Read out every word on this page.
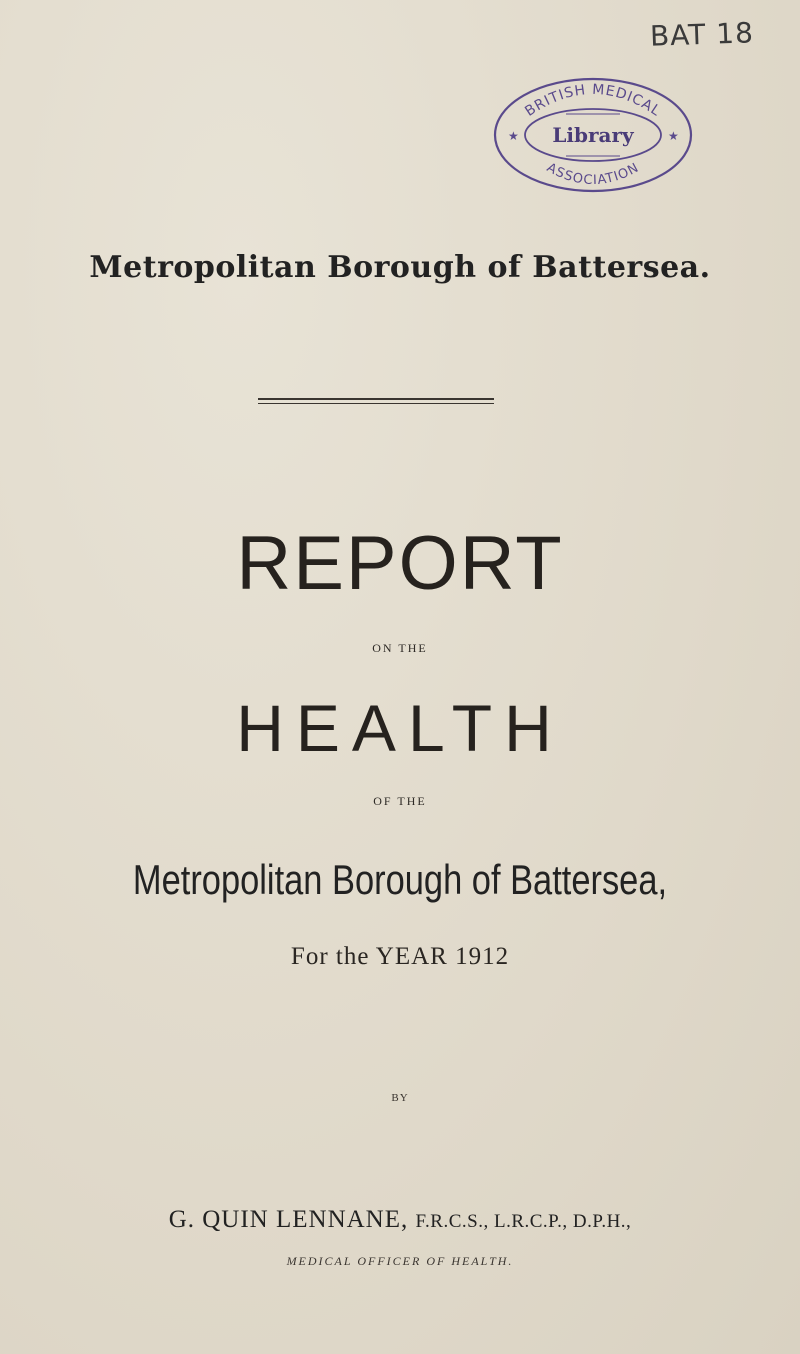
BAT 18
BRITISH MEDICAL
ASSOCIATION
Library
★	★
Metropolitan Borough of Battersea.
REPORT
ON THE
HEALTH
OF THE
Metropolitan Borough of Battersea,
For the YEAR 1912
BY
G. QUIN LENNANE, F.R.C.S., L.R.C.P., D.P.H.,
MEDICAL OFFICER OF HEALTH.
